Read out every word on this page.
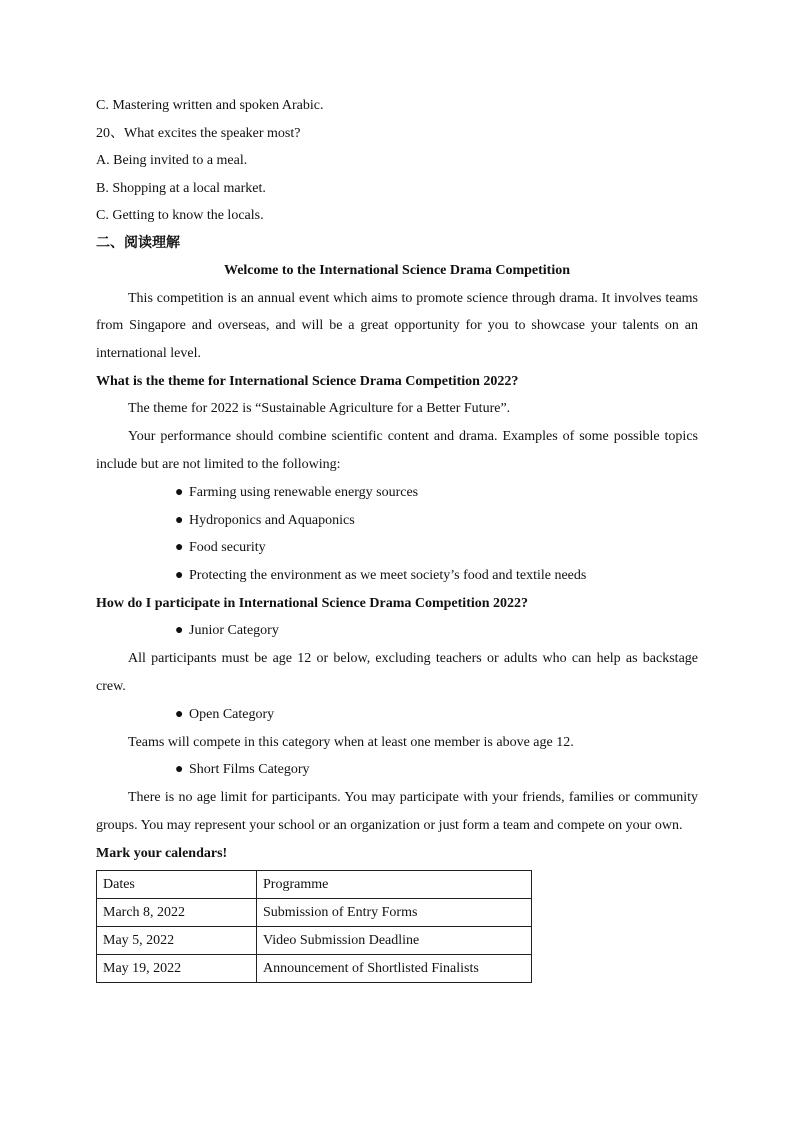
C. Mastering written and spoken Arabic.

20、What excites the speaker most?

A. Being invited to a meal.

B. Shopping at a local market.

C. Getting to know the locals.

二、阅读理解

Welcome to the International Science Drama Competition

This competition is an annual event which aims to promote science through drama. It involves teams from Singapore and overseas, and will be a great opportunity for you to showcase your talents on an international level.

What is the theme for International Science Drama Competition 2022?

The theme for 2022 is “Sustainable Agriculture for a Better Future”.

Your performance should combine scientific content and drama. Examples of some possible topics include but are not limited to the following:

● Farming using renewable energy sources

● Hydroponics and Aquaponics

● Food security

● Protecting the environment as we meet society’s food and textile needs

How do I participate in International Science Drama Competition 2022?

● Junior Category

All participants must be age 12 or below, excluding teachers or adults who can help as backstage crew.

● Open Category

Teams will compete in this category when at least one member is above age 12.

● Short Films Category

There is no age limit for participants. You may participate with your friends, families or community groups. You may represent your school or an organization or just form a team and compete on your own.

Mark your calendars!

Dates	Programme
March 8, 2022	Submission of Entry Forms
May 5, 2022	Video Submission Deadline
May 19, 2022	Announcement of Shortlisted Finalists
